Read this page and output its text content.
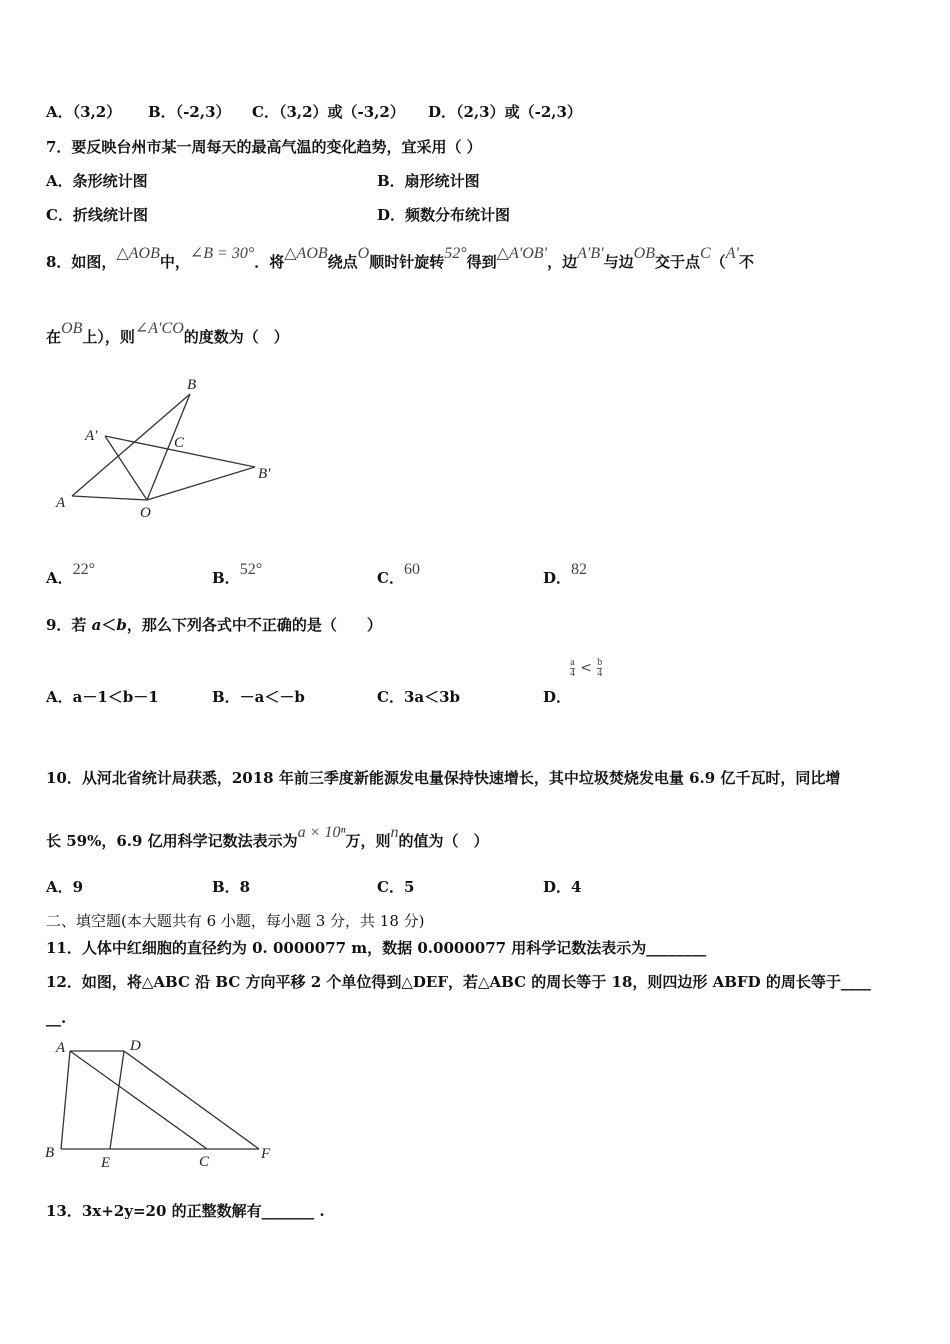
A．（3,2） B．（-2,3） C．（3,2）或（-3,2） D．（2,3）或（-2,3）
7．要反映台州市某一周每天的最高气温的变化趋势，宜采用（ ）
A．条形统计图	B．扇形统计图
C．折线统计图	D．频数分布统计图
8．如图，△AOB中，∠B = 30°．将△AOB绕点O顺时针旋转52°得到△A′OB′，边A′B′与边OB交于点C（A′不
在OB上），则∠A′CO的度数为（　）
B
A′	C
B′
A
O
A．22°	B．52°	C．60	D．82
9．若 a＜b，那么下列各式中不正确的是（　　）
A．a－1＜b－1	B．－a＜－b	C．3a＜3b	D．
$\frac{a}{4} < \frac{b}{4}$
10．从河北省统计局获悉，2018 年前三季度新能源发电量保持快速增长，其中垃圾焚烧发电量 6.9 亿千瓦时，同比增
长 59%，6.9 亿用科学记数法表示为a × 10ⁿ万，则n的值为（　）
A．9	B．8	C．5	D．4
二、填空题(本大题共有 6 小题，每小题 3 分，共 18 分)
11．人体中红细胞的直径约为 0. 0000077 m，数据 0.0000077 用科学记数法表示为________
12．如图，将△ABC 沿 BC 方向平移 2 个单位得到△DEF，若△ABC 的周长等于 18，则四边形 ABFD 的周长等于____
__.
A	D
B
E	C	F
13．3x+2y=20 的正整数解有_______ .
